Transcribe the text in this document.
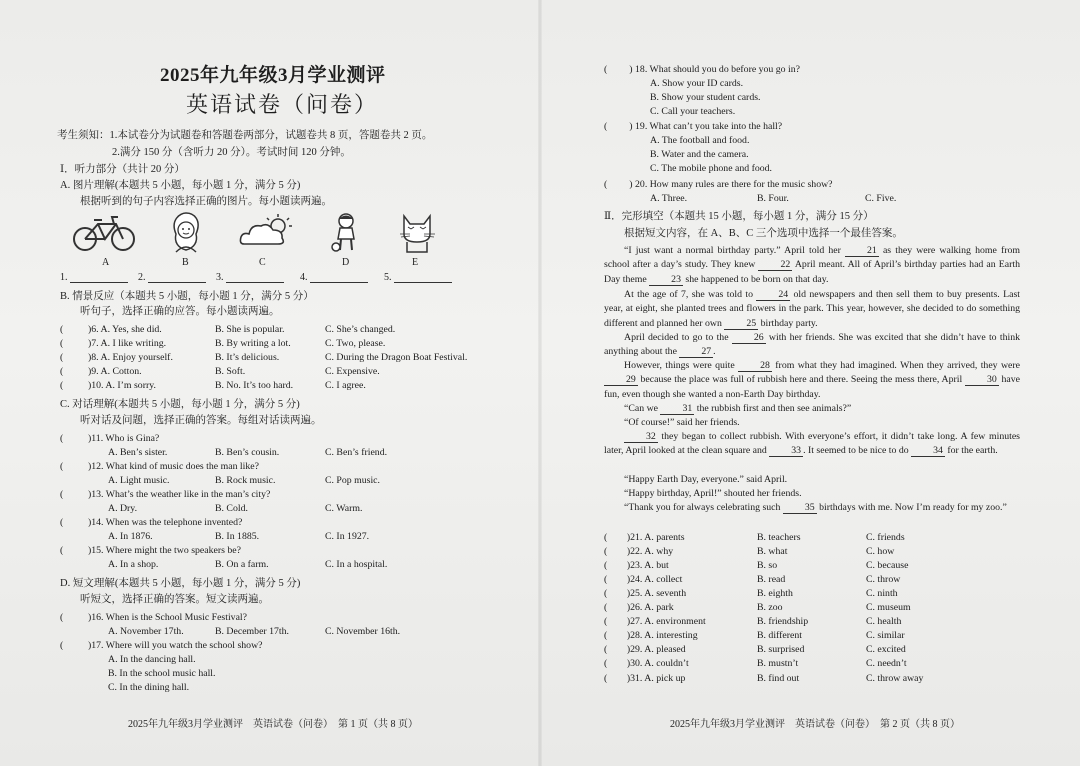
2025年九年级3月学业测评
英语试卷（问卷）
考生须知：1.本试卷分为试题卷和答题卷两部分，试题卷共 8 页，答题卷共 2 页。
2.满分 150 分（含听力 20 分）。考试时间 120 分钟。
Ⅰ．听力部分（共计 20 分）
A. 图片理解(本题共 5 小题，每小题 1 分，满分 5 分)
根据听到的句子内容选择正确的图片。每小题读两遍。
A	B	C	D	E
1.	2.	3.	4.	5.
B. 情景反应（本题共 5 小题，每小题 1 分，满分 5 分）
听句子，选择正确的应答。每小题读两遍。
(	)6. A. Yes, she did.	B. She is popular.	C. She’s changed.
(	)7. A. I like writing.	B. By writing a lot.	C. Two, please.
(	)8. A. Enjoy yourself.	B. It’s delicious.	C. During the Dragon Boat Festival.
(	)9. A. Cotton.	B. Soft.	C. Expensive.
(	)10. A. I’m sorry.	B. No. It’s too hard.	C. I agree.
C. 对话理解(本题共 5 小题，每小题 1 分，满分 5 分)
听对话及问题，选择正确的答案。每组对话读两遍。
(	)11. Who is Gina?
A. Ben’s sister.	B. Ben’s cousin.	C. Ben’s friend.
(	)12. What kind of music does the man like?
A. Light music.	B. Rock music.	C. Pop music.
(	)13. What’s the weather like in the man’s city?
A. Dry.	B. Cold.	C. Warm.
(	)14. When was the telephone invented?
A. In 1876.	B. In 1885.	C. In 1927.
(	)15. Where might the two speakers be?
A. In a shop.	B. On a farm.	C. In a hospital.
D. 短文理解(本题共 5 小题，每小题 1 分，满分 5 分)
听短文，选择正确的答案。短文读两遍。
(	)16. When is the School Music Festival?
A. November 17th.	B. December 17th.	C. November 16th.
(	)17. Where will you watch the school show?
A. In the dancing hall.
B. In the school music hall.
C. In the dining hall.
2025年九年级3月学业测评　英语试卷（问卷）　第 1 页（共 8 页）
( 　　) 18. What should you do before you go in?
A. Show your ID cards.
B. Show your student cards.
C. Call your teachers.
( 　　) 19. What can’t you take into the hall?
A. The football and food.
B. Water and the camera.
C. The mobile phone and food.
( 　　) 20. How many rules are there for the music show?
A. Three.	B. Four.	C. Five.
Ⅱ．完形填空（本题共 15 小题，每小题 1 分，满分 15 分）
根据短文内容，在 A、B、C 三个选项中选择一个最佳答案。
“I just want a normal birthday party.” April told her	21 as they were walking home from school after a day’s study. They knew	22 April meant. All of April’s birthday parties had an Earth Day theme 23 she happened to be born on that day.
At the age of 7, she was told to	24 old newspapers and then sell them to buy presents. Last year, at eight, she planted trees and flowers in the park. This year, however, she decided to do something different and planned her own 25 birthday party.
April decided to go to the	26 with her friends. She was excited that she didn’t have to think anything about the 27 .
However, things were quite	28 from what they had imagined. When they arrived, they were 29 because the place was full of rubbish here and there. Seeing the mess there, April	30 have fun, even though she wanted a non-Earth Day birthday.
“Can we 31 the rubbish first and then see animals?”
“Of course!” said her friends.
32 they began to collect rubbish. With everyone’s effort, it didn’t take long. A few minutes later, April looked at the clean square and 33 . It seemed to be nice to do 34 for the earth.
“Happy Earth Day, everyone.” said April.
“Happy birthday, April!” shouted her friends.
“Thank you for always celebrating such 35 birthdays with me. Now I’m ready for my zoo.”
(　　)21. A. parents	B. teachers	C. friends
(　　)22. A. why	B. what	C. how
(　　)23. A. but	B. so	C. because
(　　)24. A. collect	B. read	C. throw
(　　)25. A. seventh	B. eighth	C. ninth
(　　)26. A. park	B. zoo	C. museum
(　　)27. A. environment	B. friendship	C. health
(　　)28. A. interesting	B. different	C. similar
(　　)29. A. pleased	B. surprised	C. excited
(　　)30. A. couldn’t	B. mustn’t	C. needn’t
(　　)31. A. pick up	B. find out	C. throw away
2025年九年级3月学业测评　英语试卷（问卷）　第 2 页（共 8 页）
